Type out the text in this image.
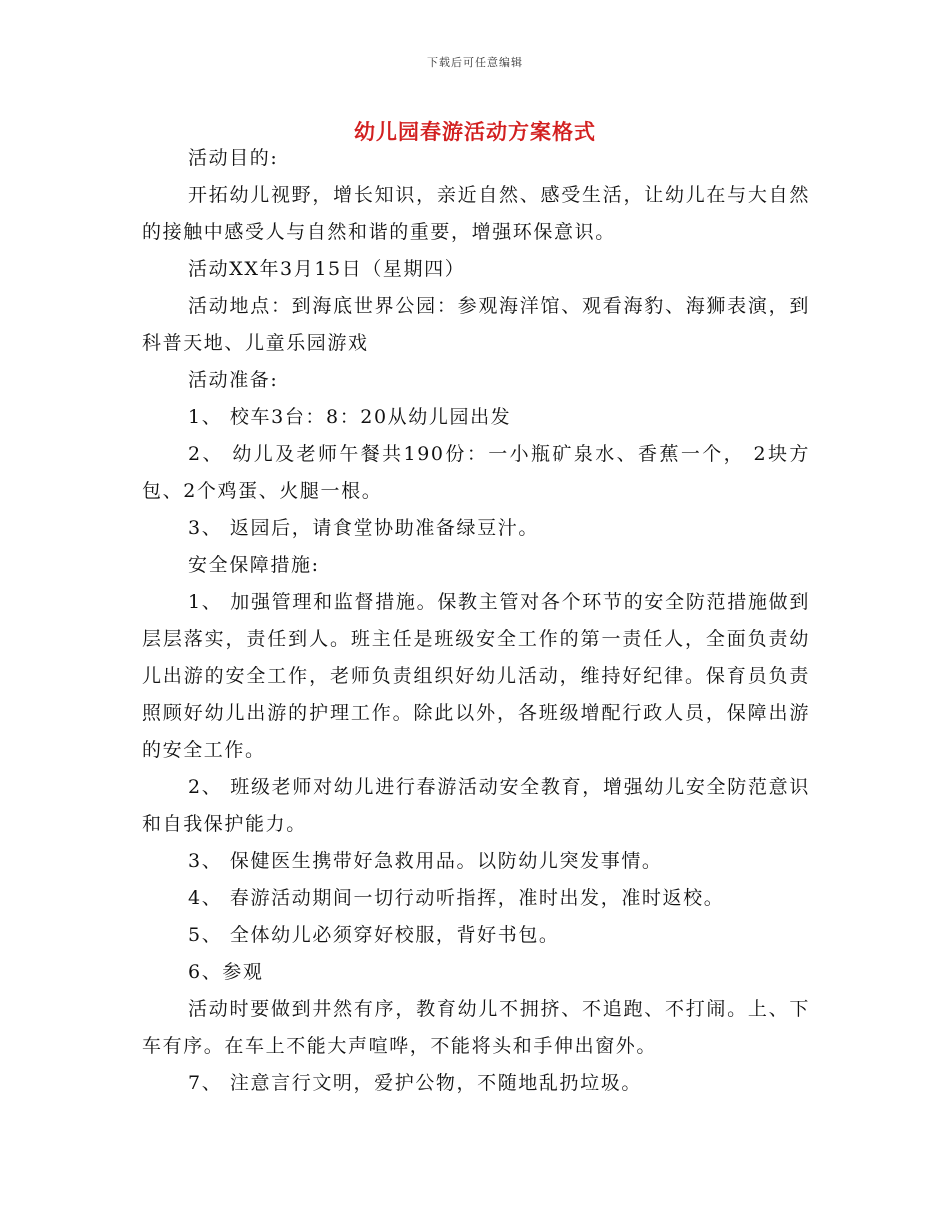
下载后可任意编辑
幼儿园春游活动方案格式

活动目的:

开拓幼儿视野，增长知识，亲近自然、感受生活，让幼儿在与大自然的接触中感受人与自然和谐的重要，增强环保意识。

活动XX年3月15日（星期四）

活动地点：到海底世界公园：参观海洋馆、观看海豹、海狮表演，到科普天地、儿童乐园游戏

活动准备:

1、 校车3台：8：20从幼儿园出发

2、 幼儿及老师午餐共190份：一小瓶矿泉水、香蕉一个， 2块方包、2个鸡蛋、火腿一根。

3、 返园后，请食堂协助准备绿豆汁。

安全保障措施:

1、 加强管理和监督措施。保教主管对各个环节的安全防范措施做到层层落实，责任到人。班主任是班级安全工作的第一责任人，全面负责幼儿出游的安全工作，老师负责组织好幼儿活动，维持好纪律。保育员负责照顾好幼儿出游的护理工作。除此以外，各班级增配行政人员，保障出游的安全工作。

2、 班级老师对幼儿进行春游活动安全教育，增强幼儿安全防范意识和自我保护能力。

3、 保健医生携带好急救用品。以防幼儿突发事情。

4、 春游活动期间一切行动听指挥，准时出发，准时返校。

5、 全体幼儿必须穿好校服，背好书包。

6、参观

活动时要做到井然有序，教育幼儿不拥挤、不追跑、不打闹。上、下车有序。在车上不能大声喧哗，不能将头和手伸出窗外。

7、 注意言行文明，爱护公物，不随地乱扔垃圾。
